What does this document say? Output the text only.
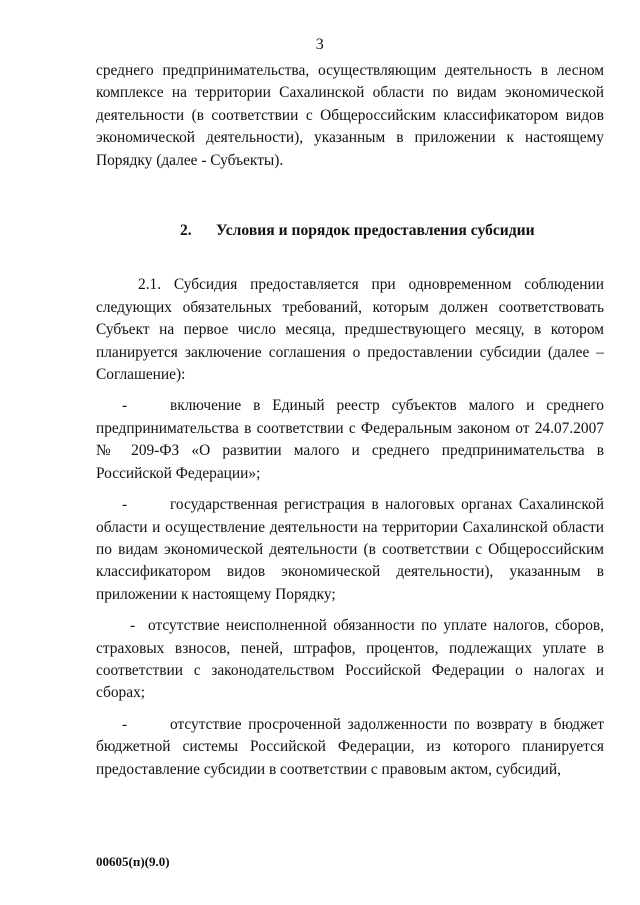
3

среднего предпринимательства, осуществляющим деятельность в лесном комплексе на территории Сахалинской области по видам экономической деятельности (в соответствии с Общероссийским классификатором видов экономической деятельности), указанным в приложении к настоящему Порядку (далее - Субъекты).

2.	Условия и порядок предоставления субсидии

2.1. Субсидия предоставляется при одновременном соблюдении следующих обязательных требований, которым должен соответствовать Субъект на первое число месяца, предшествующего месяцу, в котором планируется заключение соглашения о предоставлении субсидии (далее – Соглашение):

-	включение в Единый реестр субъектов малого и среднего предпринимательства в соответствии с Федеральным законом от 24.07.2007 № 209-ФЗ «О развитии малого и среднего предпринимательства в Российской Федерации»;

-	государственная регистрация в налоговых органах Сахалинской области и осуществление деятельности на территории Сахалинской области по видам экономической деятельности (в соответствии с Общероссийским классификатором видов экономической деятельности), указанным в приложении к настоящему Порядку;

- отсутствие неисполненной обязанности по уплате налогов, сборов, страховых взносов, пеней, штрафов, процентов, подлежащих уплате в соответствии с законодательством Российской Федерации о налогах и сборах;

-	отсутствие просроченной задолженности по возврату в бюджет бюджетной системы Российской Федерации, из которого планируется предоставление субсидии в соответствии с правовым актом, субсидий,

00605(п)(9.0)
